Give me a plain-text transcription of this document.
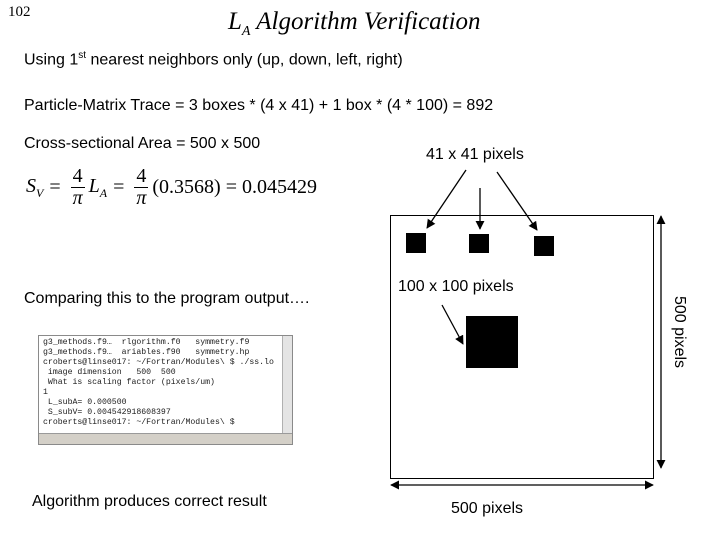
102	$L_A$ Algorithm Verification
Using 1st nearest neighbors only (up, down, left, right)
Particle-Matrix Trace = 3 boxes * (4 x 41) + 1 box * (4 * 100) = 892
Cross-sectional Area = 500 x 500
$S_V = \frac{4}{\pi} L_A = \frac{4}{\pi} (0.3568) = 0.045429$
41 x 41 pixels
100 x 100 pixels
Comparing this to the program output….
g3_methods.f9…  rlgorithm.f0   symmetry.f9
g3_methods.f9…  ariables.f90   symmetry.hp
croberts@linse017: ~/Fortran/Modules\ $ ./ss.lo
image dimension   500  500
What is scaling factor (pixels/um)
1
L_subA= 0.000500
S_subV= 0.004542918608397
croberts@linse017: ~/Fortran/Modules\ $
Algorithm produces correct result	500 pixels
500 pixels
